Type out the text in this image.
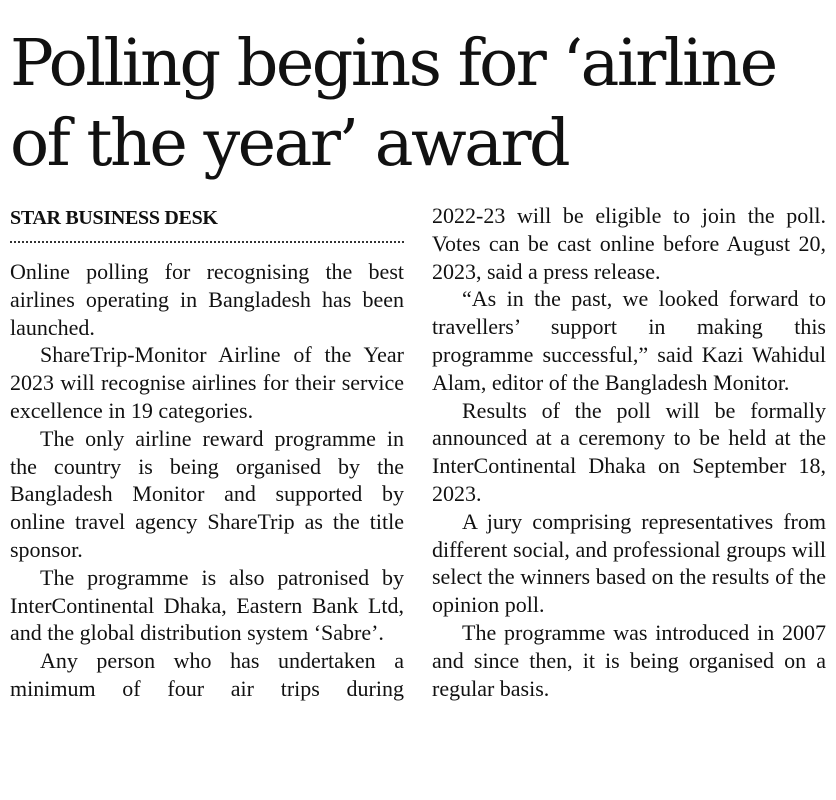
Polling begins for ‘airline
of the year’ award
STAR BUSINESS DESK

Online polling for recognising the best airlines operating in Bangladesh has been launched.

ShareTrip-Monitor Airline of the Year 2023 will recognise airlines for their service excellence in 19 categories.

The only airline reward programme in the country is being organised by the Bangladesh Monitor and supported by online travel agency ShareTrip as the title sponsor.

The programme is also patronised by InterContinental Dhaka, Eastern Bank Ltd, and the global distribution system ‘Sabre’.

Any person who has undertaken a minimum of four air trips during

2022-23 will be eligible to join the poll. Votes can be cast online before August 20, 2023, said a press release.

“As in the past, we looked forward to travellers’ support in making this programme successful,” said Kazi Wahidul Alam, editor of the Bangladesh Monitor.

Results of the poll will be formally announced at a ceremony to be held at the InterContinental Dhaka on September 18, 2023.

A jury comprising representatives from different social, and professional groups will select the winners based on the results of the opinion poll.

The programme was introduced in 2007 and since then, it is being organised on a regular basis.
